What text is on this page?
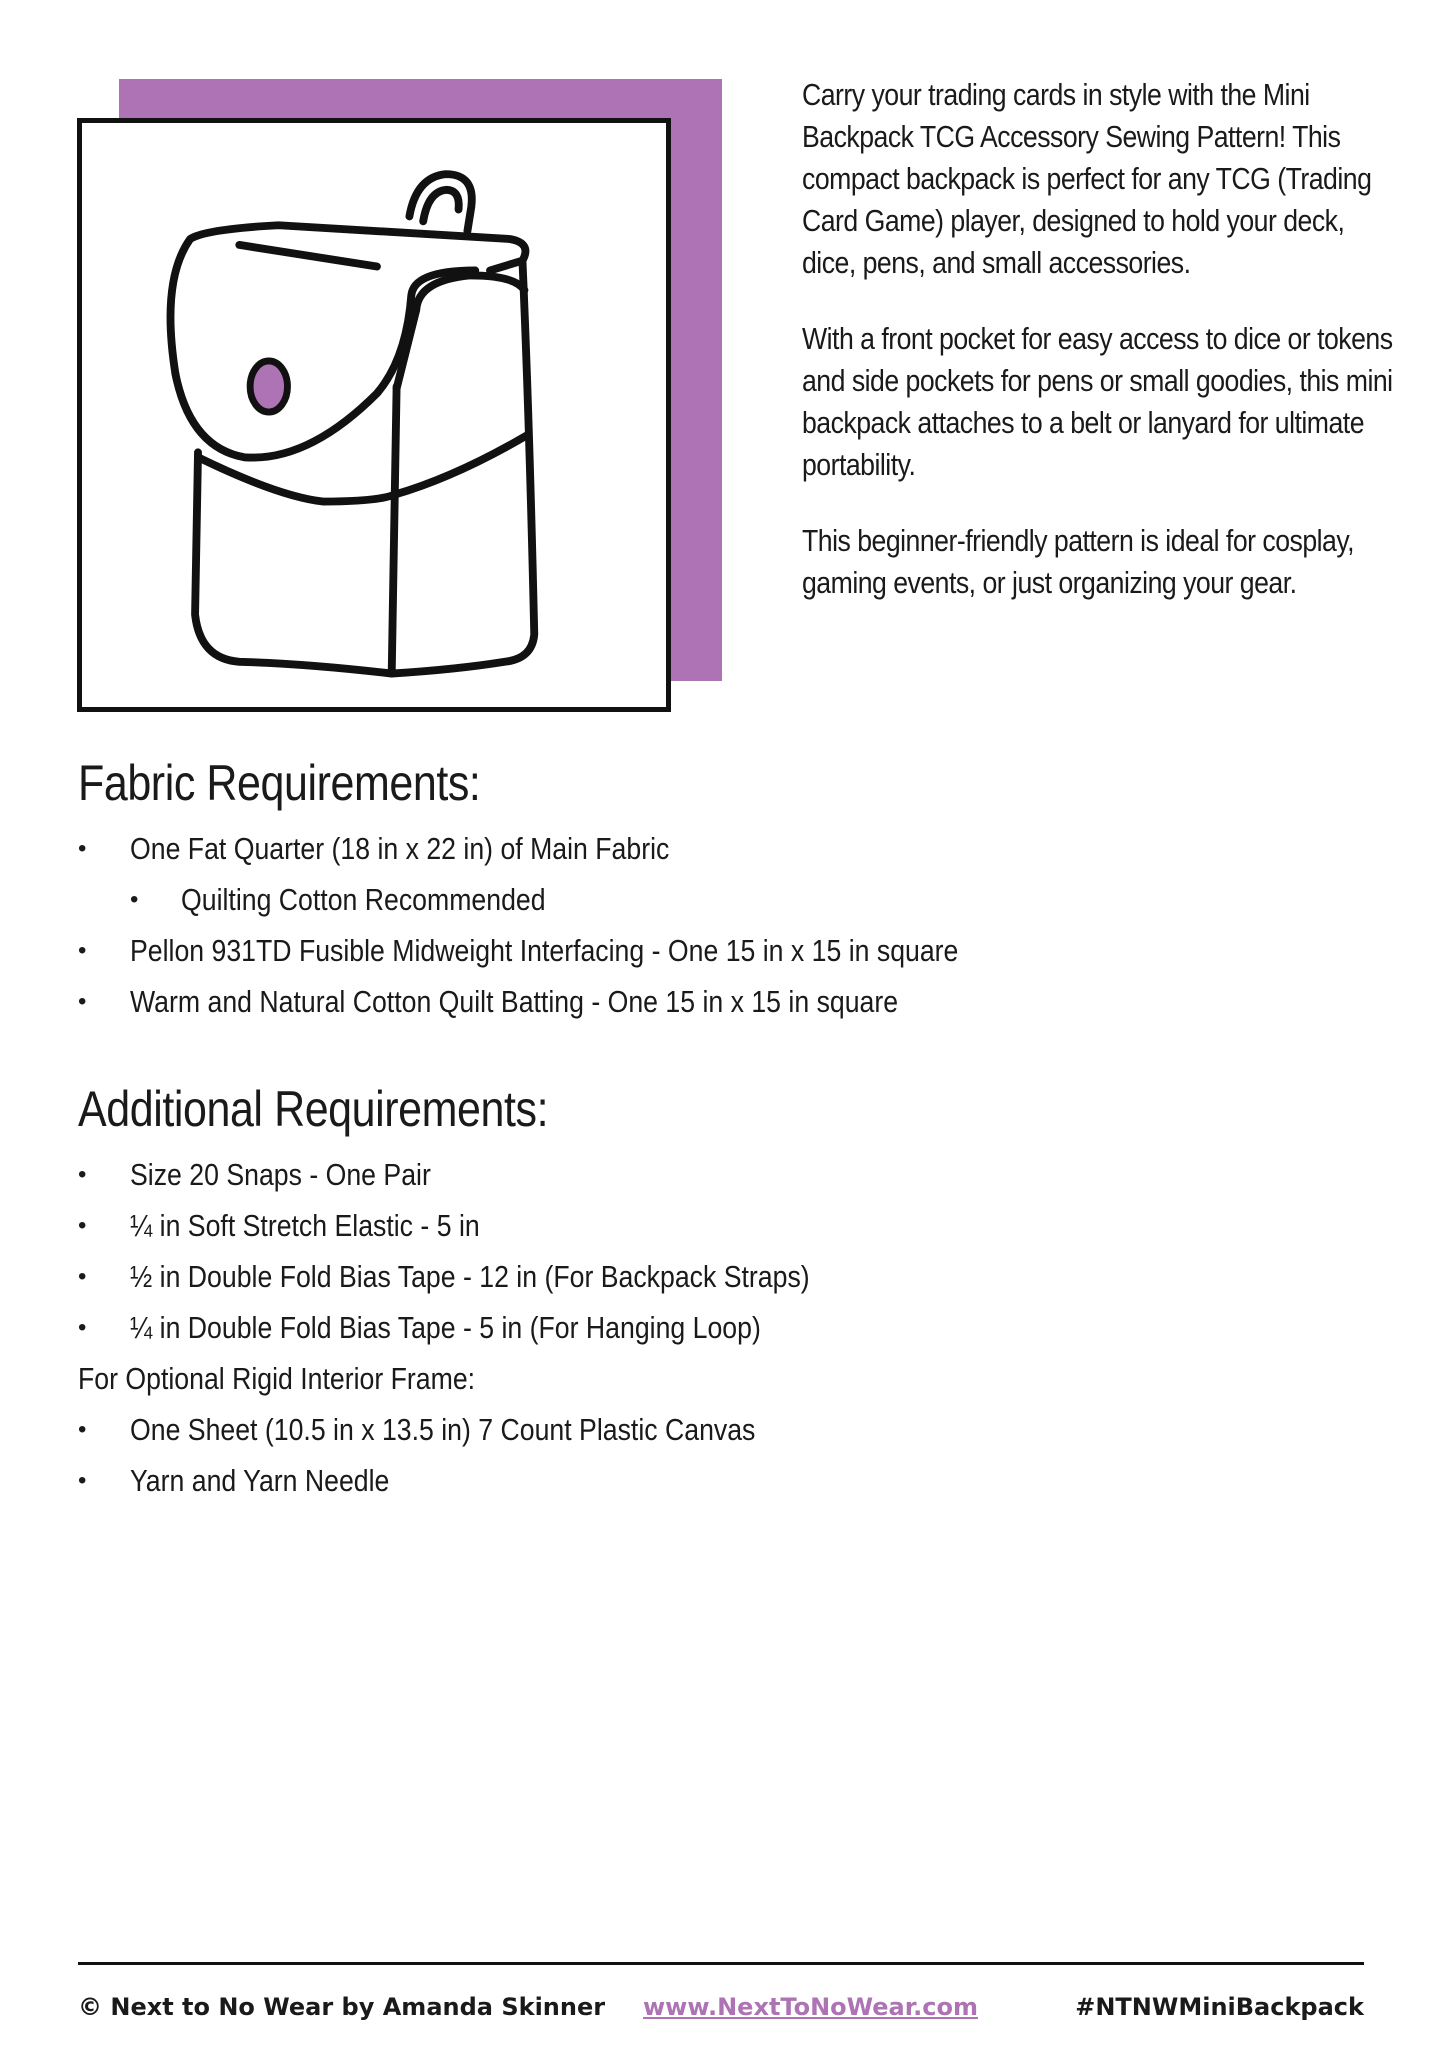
Carry your trading cards in style with the Mini Backpack TCG Accessory Sewing Pattern! This compact backpack is perfect for any TCG (Trading Card Game) player, designed to hold your deck, dice, pens, and small accessories.

With a front pocket for easy access to dice or tokens and side pockets for pens or small goodies, this mini backpack attaches to a belt or lanyard for ultimate portability.

This beginner-friendly pattern is ideal for cosplay, gaming events, or just organizing your gear.

Fabric Requirements:
• One Fat Quarter (18 in x 22 in) of Main Fabric
• Quilting Cotton Recommended
• Pellon 931TD Fusible Midweight Interfacing - One 15 in x 15 in square
• Warm and Natural Cotton Quilt Batting - One 15 in x 15 in square
Additional Requirements:
• Size 20 Snaps - One Pair
• ¼ in Soft Stretch Elastic - 5 in
• ½ in Double Fold Bias Tape - 12 in (For Backpack Straps)
• ¼ in Double Fold Bias Tape - 5 in (For Hanging Loop)
For Optional Rigid Interior Frame:
• One Sheet (10.5 in x 13.5 in) 7 Count Plastic Canvas
• Yarn and Yarn Needle
© Next to No Wear by Amanda Skinner www.NextToNoWear.com	#NTNWMiniBackpack
